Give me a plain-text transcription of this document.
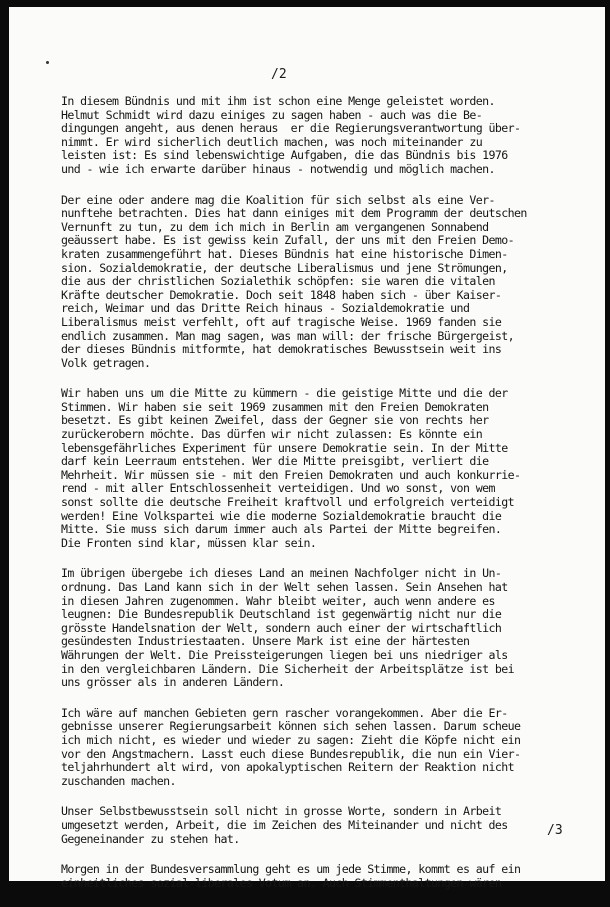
/2
In diesem Bündnis und mit ihm ist schon eine Menge geleistet worden.
Helmut Schmidt wird dazu einiges zu sagen haben - auch was die Be-
dingungen angeht, aus denen heraus  er die Regierungsverantwortung über-
nimmt. Er wird sicherlich deutlich machen, was noch miteinander zu
leisten ist: Es sind lebenswichtige Aufgaben, die das Bündnis bis 1976
und - wie ich erwarte darüber hinaus - notwendig und möglich machen.
Der eine oder andere mag die Koalition für sich selbst als eine Ver-
nunftehe betrachten. Dies hat dann einiges mit dem Programm der deutschen
Vernunft zu tun, zu dem ich mich in Berlin am vergangenen Sonnabend
geäussert habe. Es ist gewiss kein Zufall, der uns mit den Freien Demo-
kraten zusammengeführt hat. Dieses Bündnis hat eine historische Dimen-
sion. Sozialdemokratie, der deutsche Liberalismus und jene Strömungen,
die aus der christlichen Sozialethik schöpfen: sie waren die vitalen
Kräfte deutscher Demokratie. Doch seit 1848 haben sich - über Kaiser-
reich, Weimar und das Dritte Reich hinaus - Sozialdemokratie und
Liberalismus meist verfehlt, oft auf tragische Weise. 1969 fanden sie
endlich zusammen. Man mag sagen, was man will: der frische Bürgergeist,
der dieses Bündnis mitformte, hat demokratisches Bewusstsein weit ins
Volk getragen.
Wir haben uns um die Mitte zu kümmern - die geistige Mitte und die der
Stimmen. Wir haben sie seit 1969 zusammen mit den Freien Demokraten
besetzt. Es gibt keinen Zweifel, dass der Gegner sie von rechts her
zurückerobern möchte. Das dürfen wir nicht zulassen: Es könnte ein
lebensgefährliches Experiment für unsere Demokratie sein. In der Mitte
darf kein Leerraum entstehen. Wer die Mitte preisgibt, verliert die
Mehrheit. Wir müssen sie - mit den Freien Demokraten und auch konkurrie-
rend - mit aller Entschlossenheit verteidigen. Und wo sonst, von wem
sonst sollte die deutsche Freiheit kraftvoll und erfolgreich verteidigt
werden! Eine Volkspartei wie die moderne Sozialdemokratie braucht die
Mitte. Sie muss sich darum immer auch als Partei der Mitte begreifen.
Die Fronten sind klar, müssen klar sein.
Im übrigen übergebe ich dieses Land an meinen Nachfolger nicht in Un-
ordnung. Das Land kann sich in der Welt sehen lassen. Sein Ansehen hat
in diesen Jahren zugenommen. Wahr bleibt weiter, auch wenn andere es
leugnen: Die Bundesrepublik Deutschland ist gegenwärtig nicht nur die
grösste Handelsnation der Welt, sondern auch einer der wirtschaftlich
gesündesten Industriestaaten. Unsere Mark ist eine der härtesten
Währungen der Welt. Die Preissteigerungen liegen bei uns niedriger als
in den vergleichbaren Ländern. Die Sicherheit der Arbeitsplätze ist bei
uns grösser als in anderen Ländern.
Ich wäre auf manchen Gebieten gern rascher vorangekommen. Aber die Er-
gebnisse unserer Regierungsarbeit können sich sehen lassen. Darum scheue
ich mich nicht, es wieder und wieder zu sagen: Zieht die Köpfe nicht ein
vor den Angstmachern. Lasst euch diese Bundesrepublik, die nun ein Vier-
teljahrhundert alt wird, von apokalyptischen Reitern der Reaktion nicht
zuschanden machen.
Unser Selbstbewusstsein soll nicht in grosse Worte, sondern in Arbeit
umgesetzt werden, Arbeit, die im Zeichen des Miteinander und nicht des
Gegeneinander zu stehen hat.
Morgen in der Bundesversammlung geht es um jede Stimme, kommt es auf ein
einheitliches sozial-liberales Votum an. Auch Stimmenthaltungen wären
/3
